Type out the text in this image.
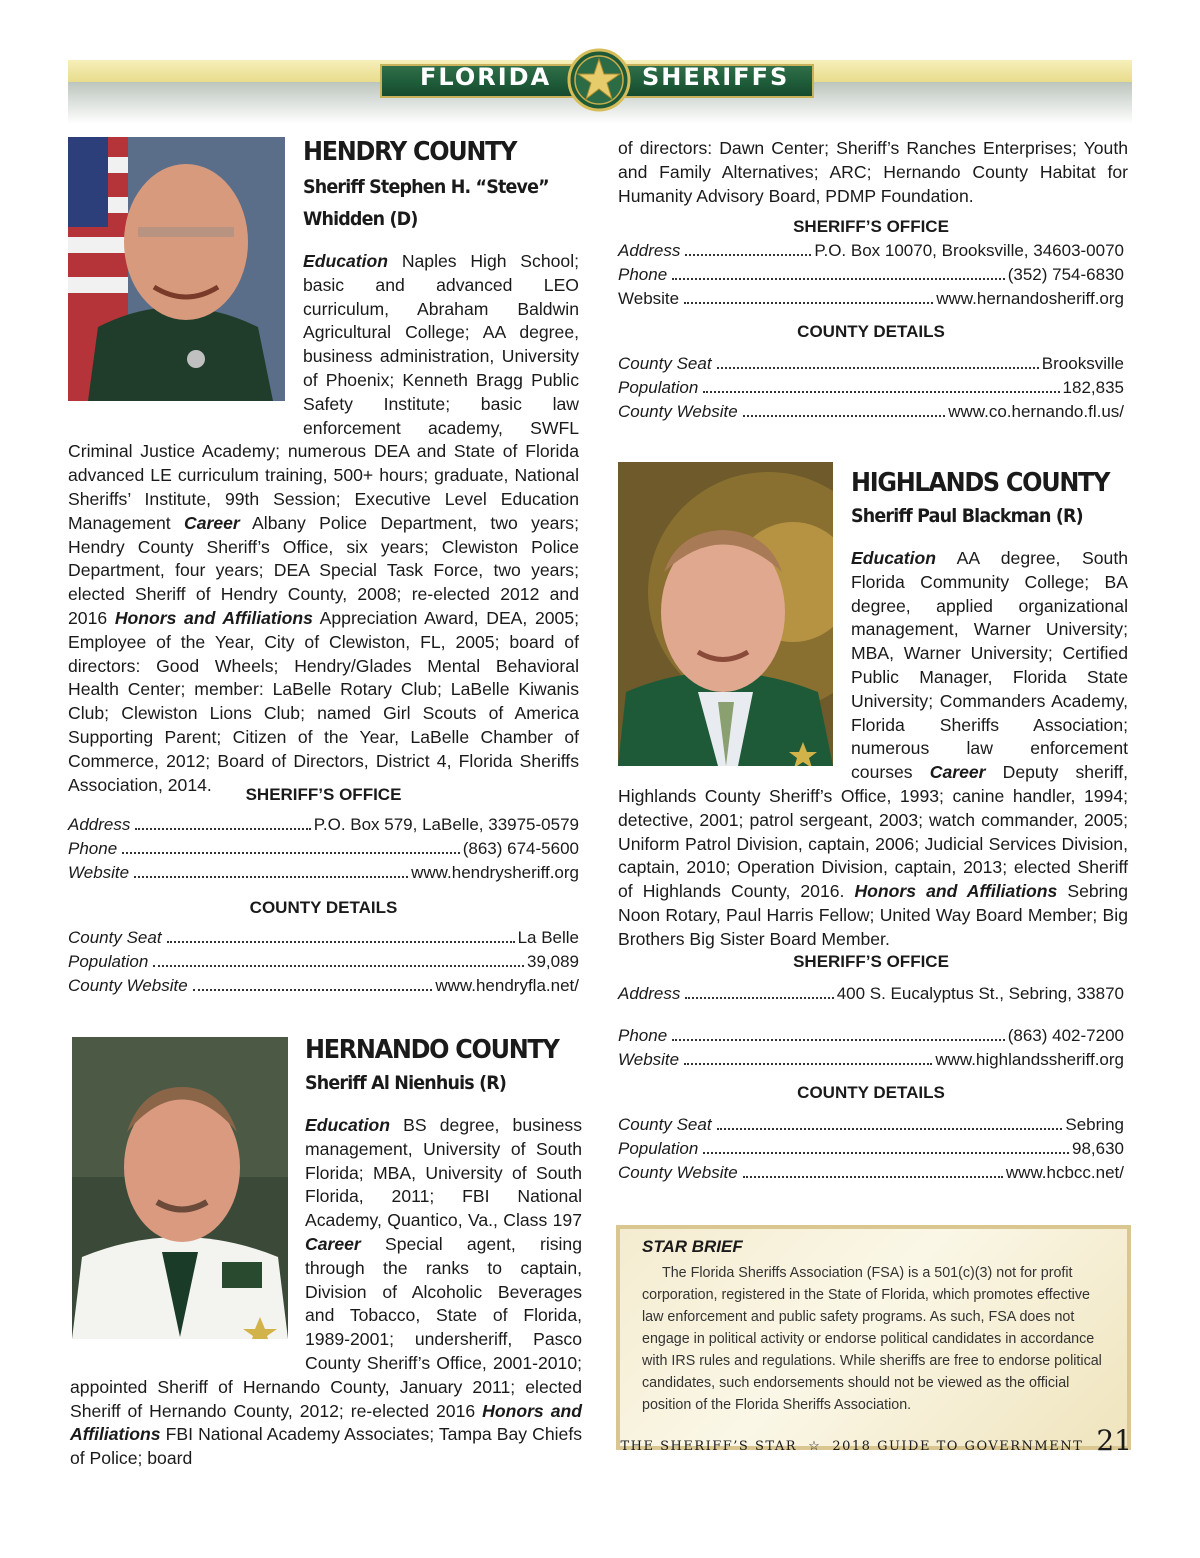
FLORIDA	SHERIFFS
HENDRY COUNTY
Sheriff Stephen H. “Steve”
Whidden (D)
Education Naples High School; basic and advanced LEO curriculum, Abraham Baldwin Agricultural College; AA degree, business administration, University of Phoenix; Kenneth Bragg Public Safety Institute; basic law enforcement academy, SWFL Criminal Justice Academy; numerous DEA and State of Florida advanced LE curriculum training, 500+ hours; graduate, National Sheriffs’ Institute, 99th Session; Executive Level Education Management Career Albany Police Department, two years; Hendry County Sheriff’s Office, six years; Clewiston Police Department, four years; DEA Special Task Force, two years; elected Sheriff of Hendry County, 2008; re-elected 2012 and 2016 Honors and Affiliations Appreciation Award, DEA, 2005; Employee of the Year, City of Clewiston, FL, 2005; board of directors: Good Wheels; Hendry/Glades Mental Behavioral Health Center; member: LaBelle Rotary Club; LaBelle Kiwanis Club; Clewiston Lions Club; named Girl Scouts of America Supporting Parent; Citizen of the Year, LaBelle Chamber of Commerce, 2012; Board of Directors, District 4, Florida Sheriffs Association, 2014.	SHERIFF’S OFFICE

Address	P.O. Box 579, LaBelle, 33975-0579
Phone	(863) 674-5600
Website	www.hendrysheriff.org

COUNTY DETAILS

County Seat	La Belle
Population	39,089
County Website	www.hendryfla.net/
HERNANDO COUNTY
Sheriff Al Nienhuis (R)
Education BS degree, business management, University of South Florida; MBA, University of South Florida, 2011; FBI National Academy, Quantico, Va., Class 197 Career Special agent, rising through the ranks to captain, Division of Alcoholic Beverages and Tobacco, State of Florida, 1989-2001; undersheriff, Pasco County Sheriff’s Office, 2001-2010; appointed Sheriff of Hernando County, January 2011; elected Sheriff of Hernando County, 2012; re-elected 2016 Honors and Affiliations FBI National Academy Associates; Tampa Bay Chiefs of Police; board
of directors: Dawn Center; Sheriff’s Ranches Enterprises; Youth and Family Alternatives; ARC; Hernando County Habitat for Humanity Advisory Board, PDMP Foundation.

SHERIFF’S OFFICE

Address	P.O. Box 10070, Brooksville, 34603-0070
Phone	(352) 754-6830
Website	www.hernandosheriff.org

COUNTY DETAILS

County Seat	Brooksville
Population	182,835
County Website	www.co.hernando.fl.us/
HIGHLANDS COUNTY
Sheriff Paul Blackman (R)
Education AA degree, South Florida Community College; BA degree, applied organizational management, Warner University; MBA, Warner University; Certified Public Manager, Florida State University; Commanders Academy, Florida Sheriffs Association; numerous law enforcement courses Career Deputy sheriff, Highlands County Sheriff’s Office, 1993; canine handler, 1994; detective, 2001; patrol sergeant, 2003; watch commander, 2005; Uniform Patrol Division, captain, 2006; Judicial Services Division, captain, 2010; Operation Division, captain, 2013; elected Sheriff of Highlands County, 2016. Honors and Affiliations Sebring Noon Rotary, Paul Harris Fellow; United Way Board Member; Big Brothers Big Sister Board Member.

SHERIFF’S OFFICE

Address	400 S. Eucalyptus St., Sebring, 33870
Phone	(863) 402-7200
Website	www.highlandssheriff.org

COUNTY DETAILS

County Seat	Sebring
Population	98,630
County Website	www.hcbcc.net/
STAR BRIEF
The Florida Sheriffs Association (FSA) is a 501(c)(3) not for profit corporation, registered in the State of Florida, which promotes effective law enforcement and public safety programs. As such, FSA does not engage in political activity or endorse political candidates in accordance with IRS rules and regulations. While sheriffs are free to endorse political candidates, such endorsements should not be viewed as the official position of the Florida Sheriffs Association.
THE SHERIFF’S STAR ☆ 2018 GUIDE TO GOVERNMENT 21
